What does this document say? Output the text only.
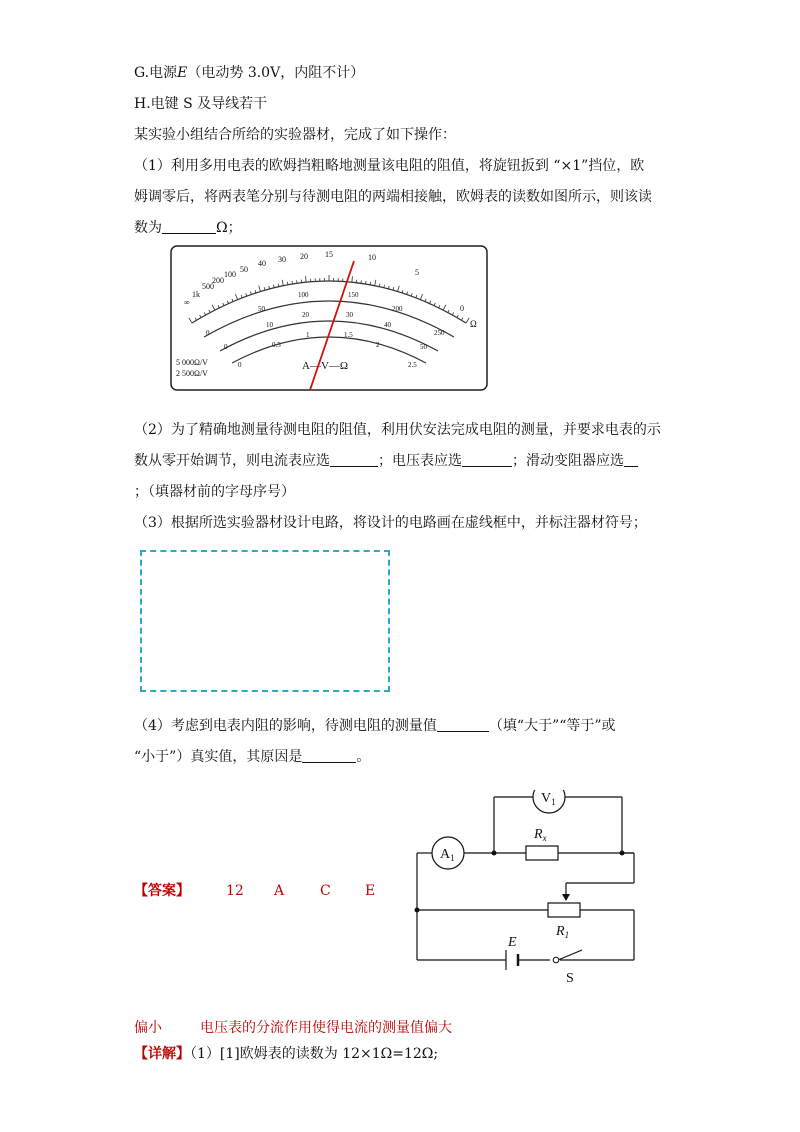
G.电源E（电动势 3.0V，内阻不计）
H.电键 S 及导线若干
某实验小组结合所给的实验器材，完成了如下操作：
（1）利用多用电表的欧姆挡粗略地测量该电阻的阻值，将旋钮扳到 “×1”挡位，欧
姆调零后，将两表笔分别与待测电阻的两端相接触，欧姆表的读数如图所示，则该读
数为	Ω；
∞
1k
500
200
100
50
40 30 20 15	10
5
0
Ω
0
50
100	150
200
250
0
10
20	30
40
50
0
0.5
1	1.5
2
2.5
5 000Ω/V
2 500Ω/V
A—V—Ω
（2）为了精确地测量待测电阻的阻值，利用伏安法完成电阻的测量，并要求电表的示
数从零开始调节，则电流表应选	；电压表应选	；滑动变阻器应选
；（填器材前的字母序号）
（3）根据所选实验器材设计电路，将设计的电路画在虚线框中，并标注器材符号；
（4）考虑到电表内阻的影响，待测电阻的测量值	（填“大于”“等于”或
“小于”）真实值，其原因是	。
【答案】	12 A	C E
$V_1$
$A_1$
$R_x$
$R_1$
E
S
偏小	电压表的分流作用使得电流的测量值偏大
【详解】（1）[1]欧姆表的读数为 12×1Ω=12Ω;
